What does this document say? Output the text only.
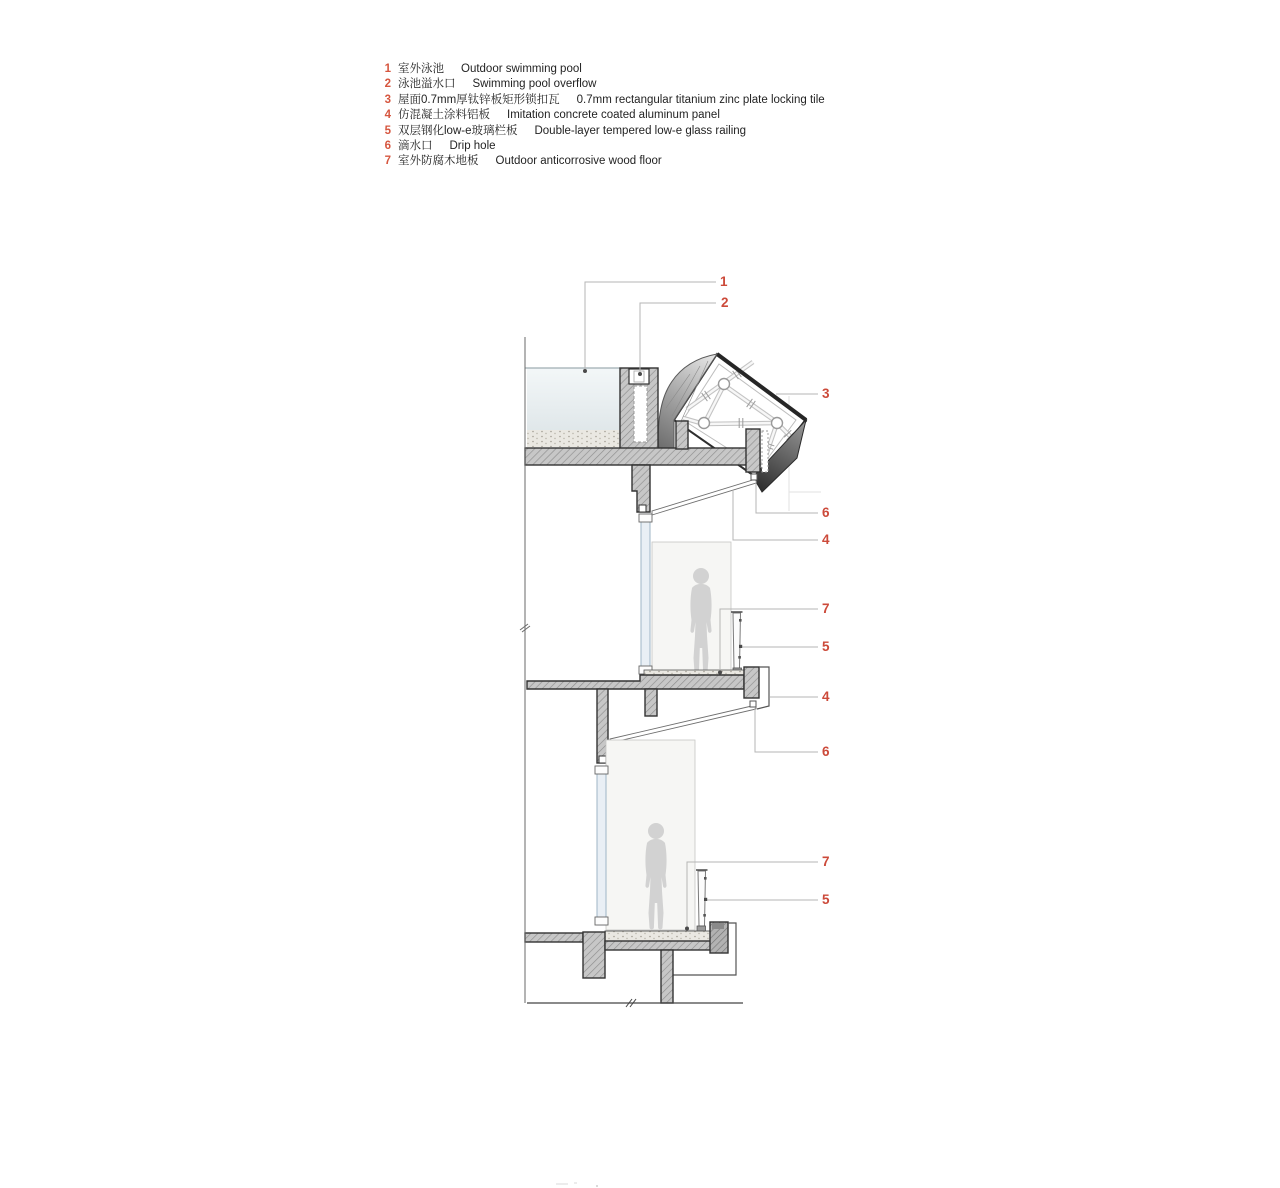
1 室外泳池 Outdoor swimming pool
2 泳池溢水口 Swimming pool overflow
3 屋面0.7mm厚钛锌板矩形锁扣瓦 0.7mm rectangular titanium zinc plate locking tile
4 仿混凝土涂料铝板 Imitation concrete coated aluminum panel
5 双层钢化low-e玻璃栏板 Double-layer tempered low-e glass railing
6 滴水口 Drip hole
7 室外防腐木地板 Outdoor anticorrosive wood floor
1
2
3
6
4
7
5
4
6
7
5
